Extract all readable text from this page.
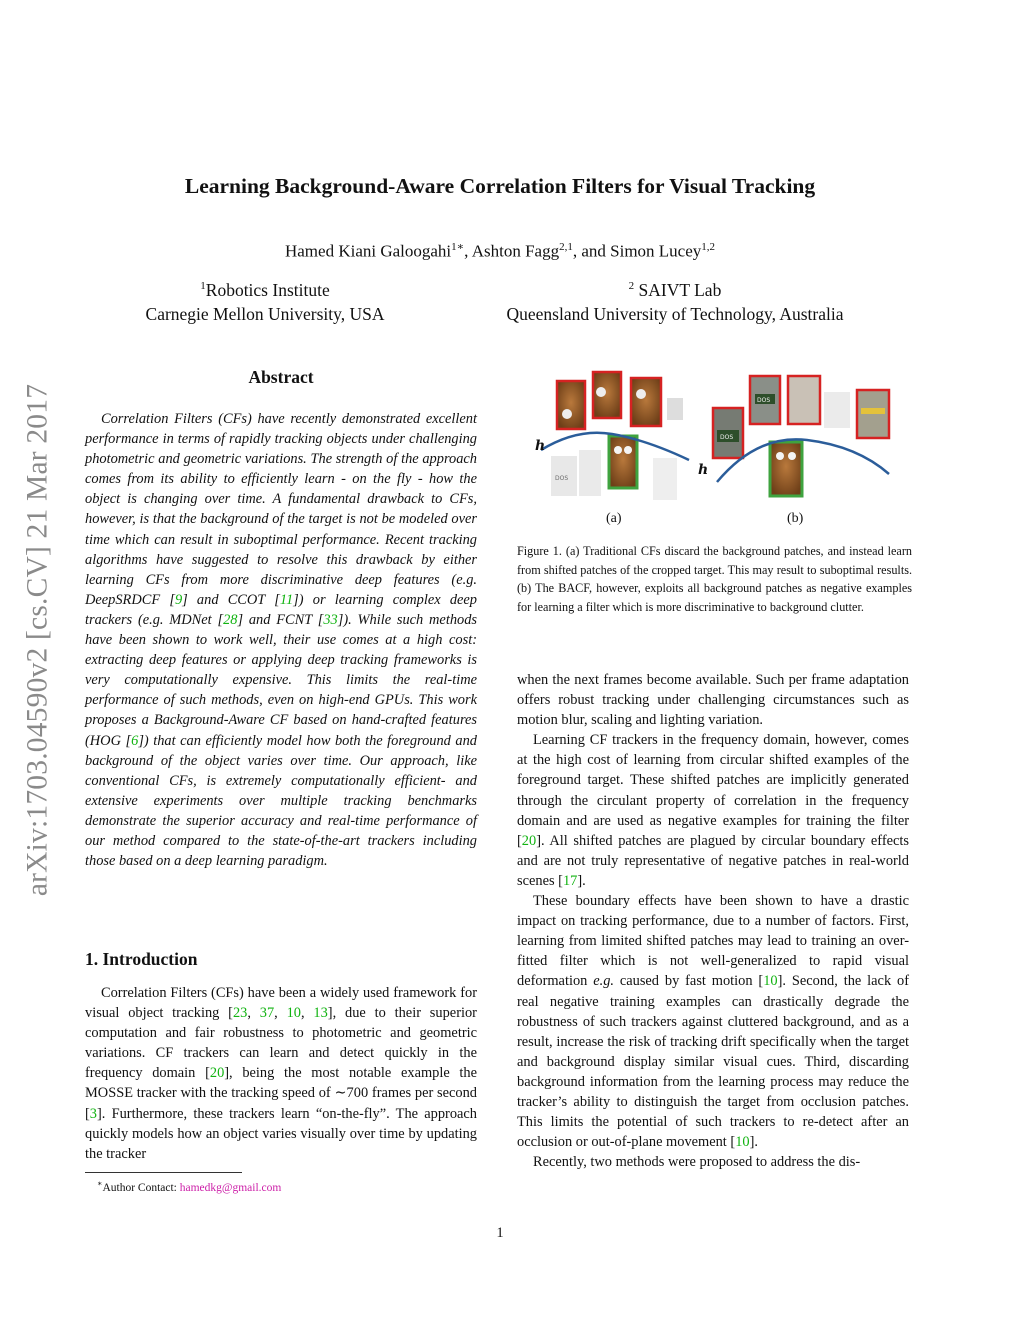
arXiv:1703.04590v2 [cs.CV] 21 Mar 2017
Learning Background-Aware Correlation Filters for Visual Tracking
Hamed Kiani Galoogahi$^{1∗}$, Ashton Fagg$^{2,1}$, and Simon Lucey$^{1,2}$
$^1$Robotics Institute
Carnegie Mellon University, USA
$^2$ SAIVT Lab
Queensland University of Technology, Australia
Abstract

Correlation Filters (CFs) have recently demonstrated excellent performance in terms of rapidly tracking objects under challenging photometric and geometric variations. The strength of the approach comes from its ability to efficiently learn - on the fly - how the object is changing over time. A fundamental drawback to CFs, however, is that the background of the target is not be modeled over time which can result in suboptimal performance. Recent tracking algorithms have suggested to resolve this drawback by either learning CFs from more discriminative deep features (e.g. DeepSRDCF [9] and CCOT [11]) or learning complex deep trackers (e.g. MDNet [28] and FCNT [33]). While such methods have been shown to work well, their use comes at a high cost: extracting deep features or applying deep tracking frameworks is very computationally expensive. This limits the real-time performance of such methods, even on high-end GPUs. This work proposes a Background-Aware CF based on hand-crafted features (HOG [6]) that can efficiently model how both the foreground and background of the object varies over time. Our approach, like conventional CFs, is extremely computationally efficient- and extensive experiments over multiple tracking benchmarks demonstrate the superior accuracy and real-time performance of our method compared to the state-of-the-art trackers including those based on a deep learning paradigm.

1. Introduction

Correlation Filters (CFs) have been a widely used framework for visual object tracking [23, 37, 10, 13], due to their superior computation and fair robustness to photometric and geometric variations. CF trackers can learn and detect quickly in the frequency domain [20], being the most notable example the MOSSE tracker with the tracking speed of ∼700 frames per second [3]. Furthermore, these trackers learn “on-the-fly”. The approach quickly models how an object varies visually over time by updating the tracker

∗Author Contact: hamedkg@gmail.com
DOS
h
(a)
DOS
DOS
h
(b)
Figure 1. (a) Traditional CFs discard the background patches, and instead learn from shifted patches of the cropped target. This may result to suboptimal results. (b) The BACF, however, exploits all background patches as negative examples for learning a filter which is more discriminative to background clutter.

when the next frames become available. Such per frame adaptation offers robust tracking under challenging circumstances such as motion blur, scaling and lighting variation.

Learning CF trackers in the frequency domain, however, comes at the high cost of learning from circular shifted examples of the foreground target. These shifted patches are implicitly generated through the circulant property of correlation in the frequency domain and are used as negative examples for training the filter [20]. All shifted patches are plagued by circular boundary effects and are not truly representative of negative patches in real-world scenes [17].

These boundary effects have been shown to have a drastic impact on tracking performance, due to a number of factors. First, learning from limited shifted patches may lead to training an over-fitted filter which is not well-generalized to rapid visual deformation e.g. caused by fast motion [10]. Second, the lack of real negative training examples can drastically degrade the robustness of such trackers against cluttered background, and as a result, increase the risk of tracking drift specifically when the target and background display similar visual cues. Third, discarding background information from the learning process may reduce the tracker’s ability to distinguish the target from occlusion patches. This limits the potential of such trackers to re-detect after an occlusion or out-of-plane movement [10].

Recently, two methods were proposed to address the dis-

1
